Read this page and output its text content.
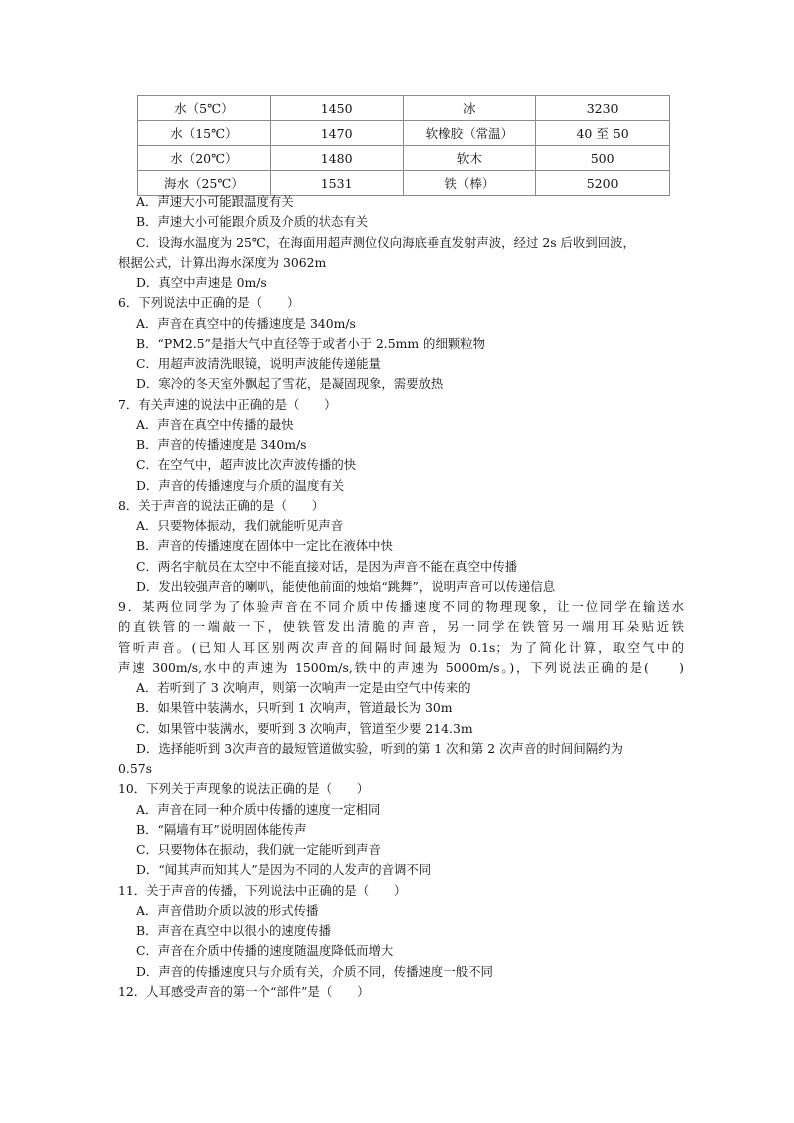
水（5℃）	1450	冰	3230
水（15℃）	1470	软橡胶（常温）	40 至 50
水（20℃）	1480	软木	500
海水（25℃）	1531	铁（棒）	5200

A．声速大小可能跟温度有关

B．声速大小可能跟介质及介质的状态有关

C．设海水温度为 25℃，在海面用超声测位仪向海底垂直发射声波，经过 2s 后收到回波，

根据公式，计算出海水深度为 3062m

D．真空中声速是 0m/s

6．下列说法中正确的是（　　）

A．声音在真空中的传播速度是 340m/s

B．“PM2.5”是指大气中直径等于或者小于 2.5mm 的细颗粒物

C．用超声波清洗眼镜，说明声波能传递能量

D．寒冷的冬天室外飘起了雪花，是凝固现象，需要放热

7．有关声速的说法中正确的是（　　）

A．声音在真空中传播的最快

B．声音的传播速度是 340m/s

C．在空气中，超声波比次声波传播的快

D．声音的传播速度与介质的温度有关

8．关于声音的说法正确的是（　　）

A．只要物体振动，我们就能听见声音

B．声音的传播速度在固体中一定比在液体中快

C．两名宇航员在太空中不能直接对话，是因为声音不能在真空中传播

D．发出较强声音的喇叭，能使他前面的烛焰“跳舞”，说明声音可以传递信息

9．某两位同学为了体验声音在不同介质中传播速度不同的物理现象，让一位同学在输送水

的直铁管的一端敲一下，使铁管发出清脆的声音，另一同学在铁管另一端用耳朵贴近铁

管听声音。(已知人耳区别两次声音的间隔时间最短为 0.1s；为了简化计算，取空气中的

声速 300m/s,水中的声速为 1500m/s,铁中的声速为 5000m/s。)，下列说法正确的是(　　)

A．若听到了 3 次响声，则第一次响声一定是由空气中传来的

B．如果管中装满水，只听到 1 次响声，管道最长为 30m

C．如果管中装满水，要听到 3 次响声，管道至少要 214.3m

D．选择能听到 3次声音的最短管道做实验，听到的第 1 次和第 2 次声音的时间间隔约为

0.57s

10．下列关于声现象的说法正确的是（　　）

A．声音在同一种介质中传播的速度一定相同

B．“隔墙有耳”说明固体能传声

C．只要物体在振动，我们就一定能听到声音

D．“闻其声而知其人”是因为不同的人发声的音调不同

11．关于声音的传播，下列说法中正确的是（　　）

A．声音借助介质以波的形式传播

B．声音在真空中以很小的速度传播

C．声音在介质中传播的速度随温度降低而增大

D．声音的传播速度只与介质有关，介质不同，传播速度一般不同

12．人耳感受声音的第一个“部件”是（　　）
